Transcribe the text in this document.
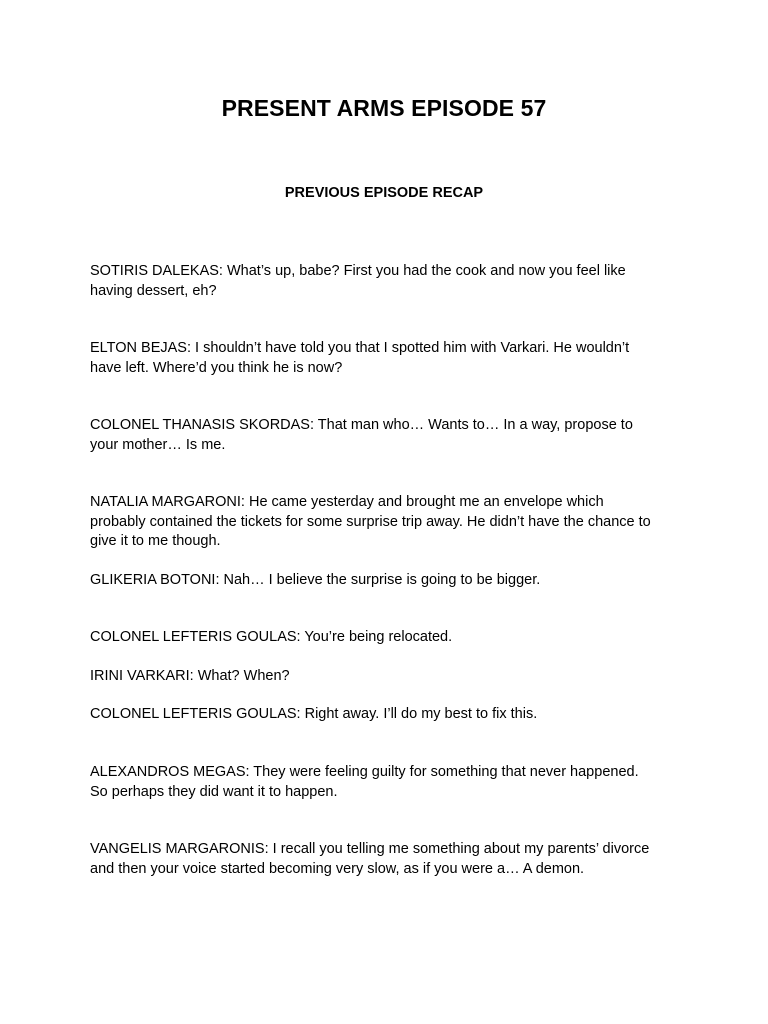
PRESENT ARMS EPISODE 57
PREVIOUS EPISODE RECAP
SOTIRIS DALEKAS: What’s up, babe? First you had the cook and now you feel like
having dessert, eh?
ELTON BEJAS: I shouldn’t have told you that I spotted him with Varkari. He wouldn’t
have left. Where’d you think he is now?
COLONEL THANASIS SKORDAS: That man who… Wants to… In a way, propose to
your mother… Is me.
NATALIA MARGARONI: He came yesterday and brought me an envelope which
probably contained the tickets for some surprise trip away. He didn’t have the chance to
give it to me though.
GLIKERIA BOTONI: Nah… I believe the surprise is going to be bigger.
COLONEL LEFTERIS GOULAS: You’re being relocated.
IRINI VARKARI: What? When?
COLONEL LEFTERIS GOULAS: Right away. I’ll do my best to fix this.
ALEXANDROS MEGAS: They were feeling guilty for something that never happened.
So perhaps they did want it to happen.
VANGELIS MARGARONIS: I recall you telling me something about my parents’ divorce
and then your voice started becoming very slow, as if you were a… A demon.
